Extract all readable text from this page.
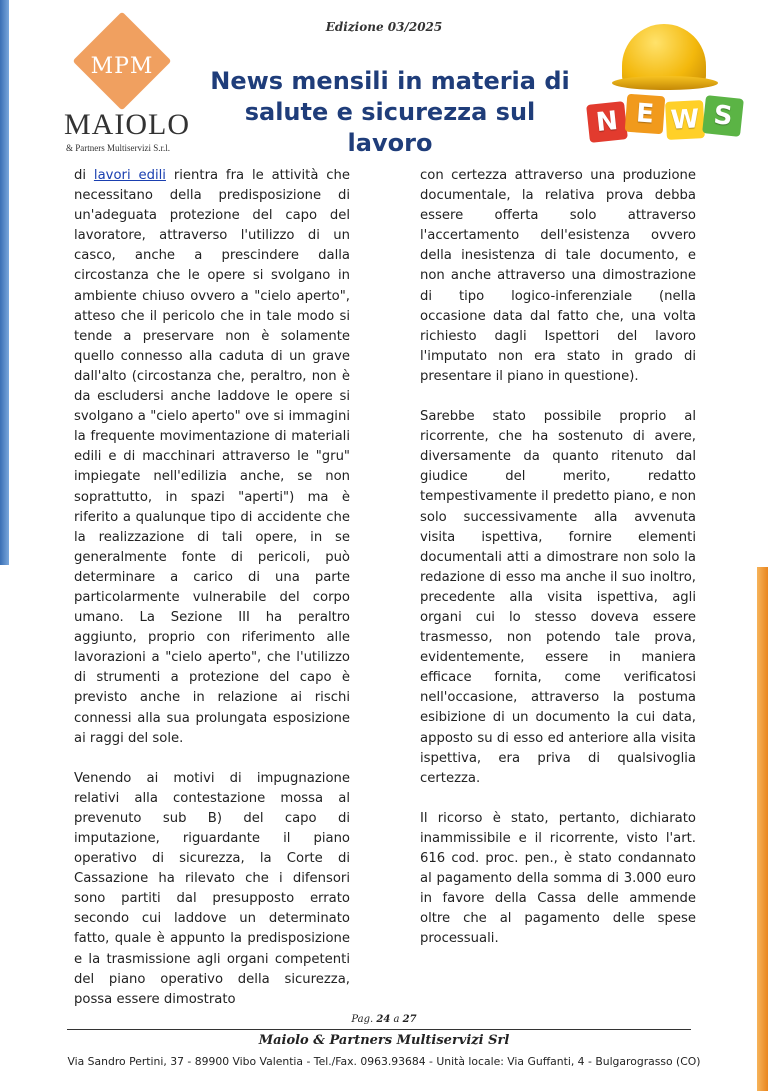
Edizione 03/2025
MPM
MAIOLO
& Partners Multiservizi S.r.l.
News mensili in materia di
salute e sicurezza sul lavoro
N E W S

di lavori edili rientra fra le attività che necessitano della predisposizione di un'adeguata protezione del capo del lavoratore, attraverso l'utilizzo di un casco, anche a prescindere dalla circostanza che le opere si svolgano in ambiente chiuso ovvero a "cielo aperto", atteso che il pericolo che in tale modo si tende a preservare non è solamente quello connesso alla caduta di un grave dall'alto (circostanza che, peraltro, non è da escludersi anche laddove le opere si svolgano a "cielo aperto" ove si immagini la frequente movimentazione di materiali edili e di macchinari attraverso le "gru" impiegate nell'edilizia anche, se non soprattutto, in spazi "aperti") ma è riferito a qualunque tipo di accidente che la realizzazione di tali opere, in se generalmente fonte di pericoli, può determinare a carico di una parte particolarmente vulnerabile del corpo umano. La Sezione III ha peraltro aggiunto, proprio con riferimento alle lavorazioni a "cielo aperto", che l'utilizzo di strumenti a protezione del capo è previsto anche in relazione ai rischi connessi alla sua prolungata esposizione ai raggi del sole.

Venendo ai motivi di impugnazione relativi alla contestazione mossa al prevenuto sub B) del capo di imputazione, riguardante il piano operativo di sicurezza, la Corte di Cassazione ha rilevato che i difensori sono partiti dal presupposto errato secondo cui laddove un determinato fatto, quale è appunto la predisposizione e la trasmissione agli organi competenti del piano operativo della sicurezza, possa essere dimostrato

con certezza attraverso una produzione documentale, la relativa prova debba essere offerta solo attraverso l'accertamento dell'esistenza ovvero della inesistenza di tale documento, e non anche attraverso una dimostrazione di tipo logico-inferenziale (nella occasione data dal fatto che, una volta richiesto dagli Ispettori del lavoro l'imputato non era stato in grado di presentare il piano in questione).

Sarebbe stato possibile proprio al ricorrente, che ha sostenuto di avere, diversamente da quanto ritenuto dal giudice del merito, redatto tempestivamente il predetto piano, e non solo successivamente alla avvenuta visita ispettiva, fornire elementi documentali atti a dimostrare non solo la redazione di esso ma anche il suo inoltro, precedente alla visita ispettiva, agli organi cui lo stesso doveva essere trasmesso, non potendo tale prova, evidentemente, essere in maniera efficace fornita, come verificatosi nell'occasione, attraverso la postuma esibizione di un documento la cui data, apposto su di esso ed anteriore alla visita ispettiva, era priva di qualsivoglia certezza.

Il ricorso è stato, pertanto, dichiarato inammissibile e il ricorrente, visto l'art. 616 cod. proc. pen., è stato condannato al pagamento della somma di 3.000 euro in favore della Cassa delle ammende oltre che al pagamento delle spese processuali.

Pag. 24 a 27
Maiolo & Partners Multiservizi Srl
Via Sandro Pertini, 37 - 89900 Vibo Valentia - Tel./Fax. 0963.93684 - Unità locale: Via Guffanti, 4 - Bulgarograsso (CO)
